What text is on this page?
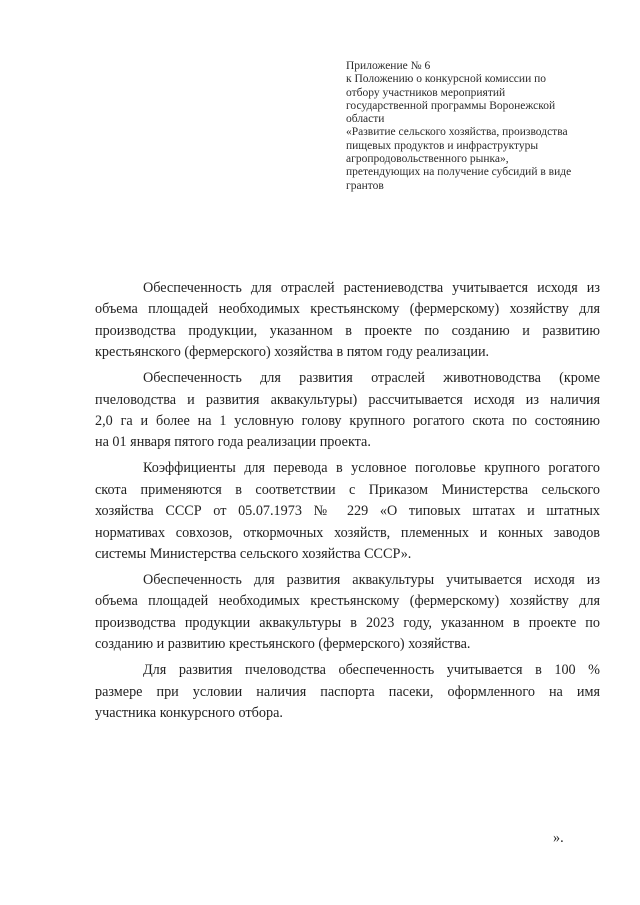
Приложение № 6
к Положению о конкурсной комиссии по
отбору участников мероприятий
государственной программы Воронежской
области
«Развитие сельского хозяйства, производства
пищевых продуктов и инфраструктуры
агропродовольственного рынка»,
претендующих на получение субсидий в виде
грантов

Обеспеченность для отраслей растениеводства учитывается исходя из
объема площадей необходимых крестьянскому (фермерскому) хозяйству для
производства продукции, указанном в проекте по созданию и развитию
крестьянского (фермерского) хозяйства в пятом году реализации.

Обеспеченность для развития отраслей животноводства (кроме
пчеловодства и развития аквакультуры) рассчитывается исходя из наличия
2,0 га и более на 1 условную голову крупного рогатого скота по состоянию
на 01 января пятого года реализации проекта.

Коэффициенты для перевода в условное поголовье крупного рогатого
скота применяются в соответствии с Приказом Министерства сельского
хозяйства СССР от 05.07.1973 № 229 «О типовых штатах и штатных
нормативах совхозов, откормочных хозяйств, племенных и конных заводов
системы Министерства сельского хозяйства СССР».

Обеспеченность для развития аквакультуры учитывается исходя из
объема площадей необходимых крестьянскому (фермерскому) хозяйству для
производства продукции аквакультуры в 2023 году, указанном в проекте по
созданию и развитию крестьянского (фермерского) хозяйства.

Для развития пчеловодства обеспеченность учитывается в 100 %
размере при условии наличия паспорта пасеки, оформленного на имя
участника конкурсного отбора.

».
